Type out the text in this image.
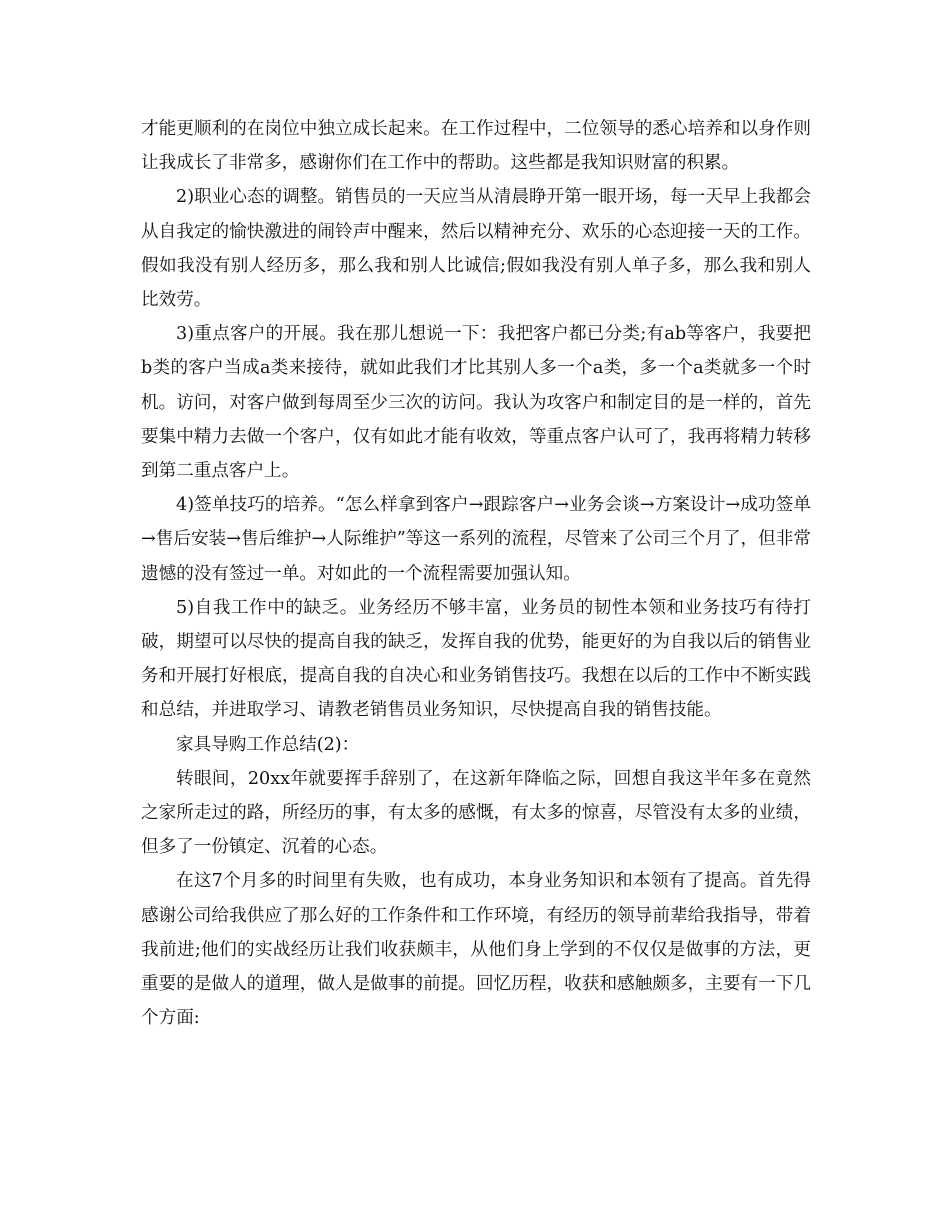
才能更顺利的在岗位中独立成长起来。在工作过程中，二位领导的悉心培养和以身作则让我成长了非常多，感谢你们在工作中的帮助。这些都是我知识财富的积累。

2)职业心态的调整。销售员的一天应当从清晨睁开第一眼开场，每一天早上我都会从自我定的愉快激进的闹铃声中醒来，然后以精神充分、欢乐的心态迎接一天的工作。假如我没有别人经历多，那么我和别人比诚信;假如我没有别人单子多，那么我和别人比效劳。

3)重点客户的开展。我在那儿想说一下：我把客户都已分类;有ab等客户，我要把b类的客户当成a类来接待，就如此我们才比其别人多一个a类，多一个a类就多一个时机。访问，对客户做到每周至少三次的访问。我认为攻客户和制定目的是一样的，首先要集中精力去做一个客户，仅有如此才能有收效，等重点客户认可了，我再将精力转移到第二重点客户上。

4)签单技巧的培养。“怎么样拿到客户→跟踪客户→业务会谈→方案设计→成功签单→售后安装→售后维护→人际维护”等这一系列的流程，尽管来了公司三个月了，但非常遗憾的没有签过一单。对如此的一个流程需要加强认知。

5)自我工作中的缺乏。业务经历不够丰富，业务员的韧性本领和业务技巧有待打破，期望可以尽快的提高自我的缺乏，发挥自我的优势，能更好的为自我以后的销售业务和开展打好根底，提高自我的自决心和业务销售技巧。我想在以后的工作中不断实践和总结，并进取学习、请教老销售员业务知识，尽快提高自我的销售技能。

家具导购工作总结(2)：

转眼间，20xx年就要挥手辞别了，在这新年降临之际，回想自我这半年多在竟然之家所走过的路，所经历的事，有太多的感慨，有太多的惊喜，尽管没有太多的业绩，但多了一份镇定、沉着的心态。

在这7个月多的时间里有失败，也有成功，本身业务知识和本领有了提高。首先得感谢公司给我供应了那么好的工作条件和工作环境，有经历的领导前辈给我指导，带着我前进;他们的实战经历让我们收获颇丰，从他们身上学到的不仅仅是做事的方法，更重要的是做人的道理，做人是做事的前提。回忆历程，收获和感触颇多，主要有一下几个方面:
